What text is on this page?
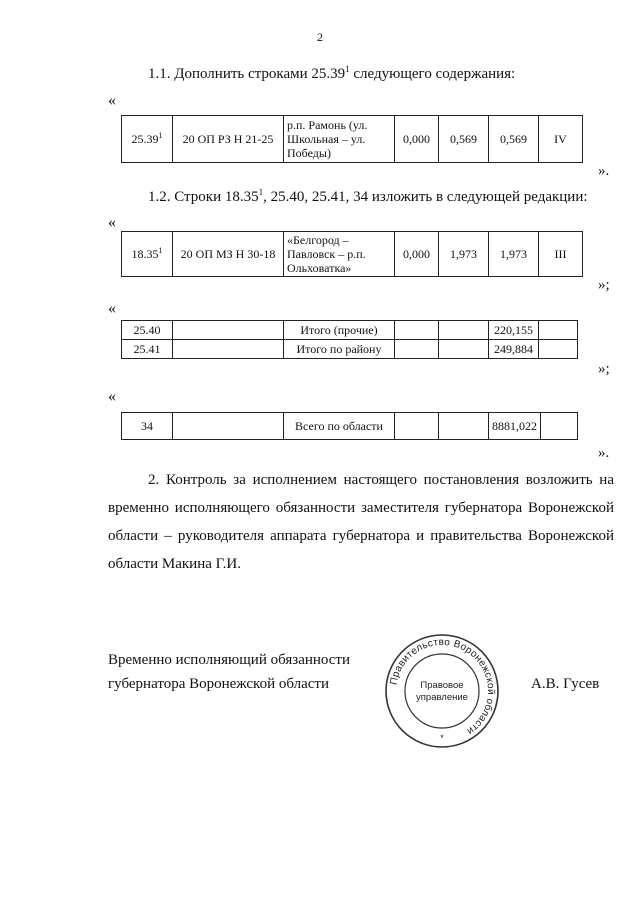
2
1.1. Дополнить строками 25.39$^1$ следующего содержания:
«
25.39$^1$	20 ОП РЗ Н 21-25	р.п. Рамонь (ул. Школьная – ул. Победы)	0,000	0,569	0,569	IV
».
1.2. Строки 18.35$^1$, 25.40, 25.41, 34 изложить в следующей редакции:
«
18.35$^1$	20 ОП МЗ Н 30-18	«Белгород – Павловск – р.п. Ольховатка»	0,000	1,973	1,973	III
»;
«
25.40		Итого (прочие)			220,155	
25.41		Итого по району			249,884	
»;
«
34		Всего по области			8881,022	
».
2. Контроль за исполнением настоящего постановления возложить на временно исполняющего обязанности заместителя губернатора Воронежской области – руководителя аппарата губернатора и правительства Воронежской области Макина Г.И.
Временно исполняющий обязанности
губернатора Воронежской области	А.В. Гусев
Правительство Воронежской области
Правовое
управление
*
